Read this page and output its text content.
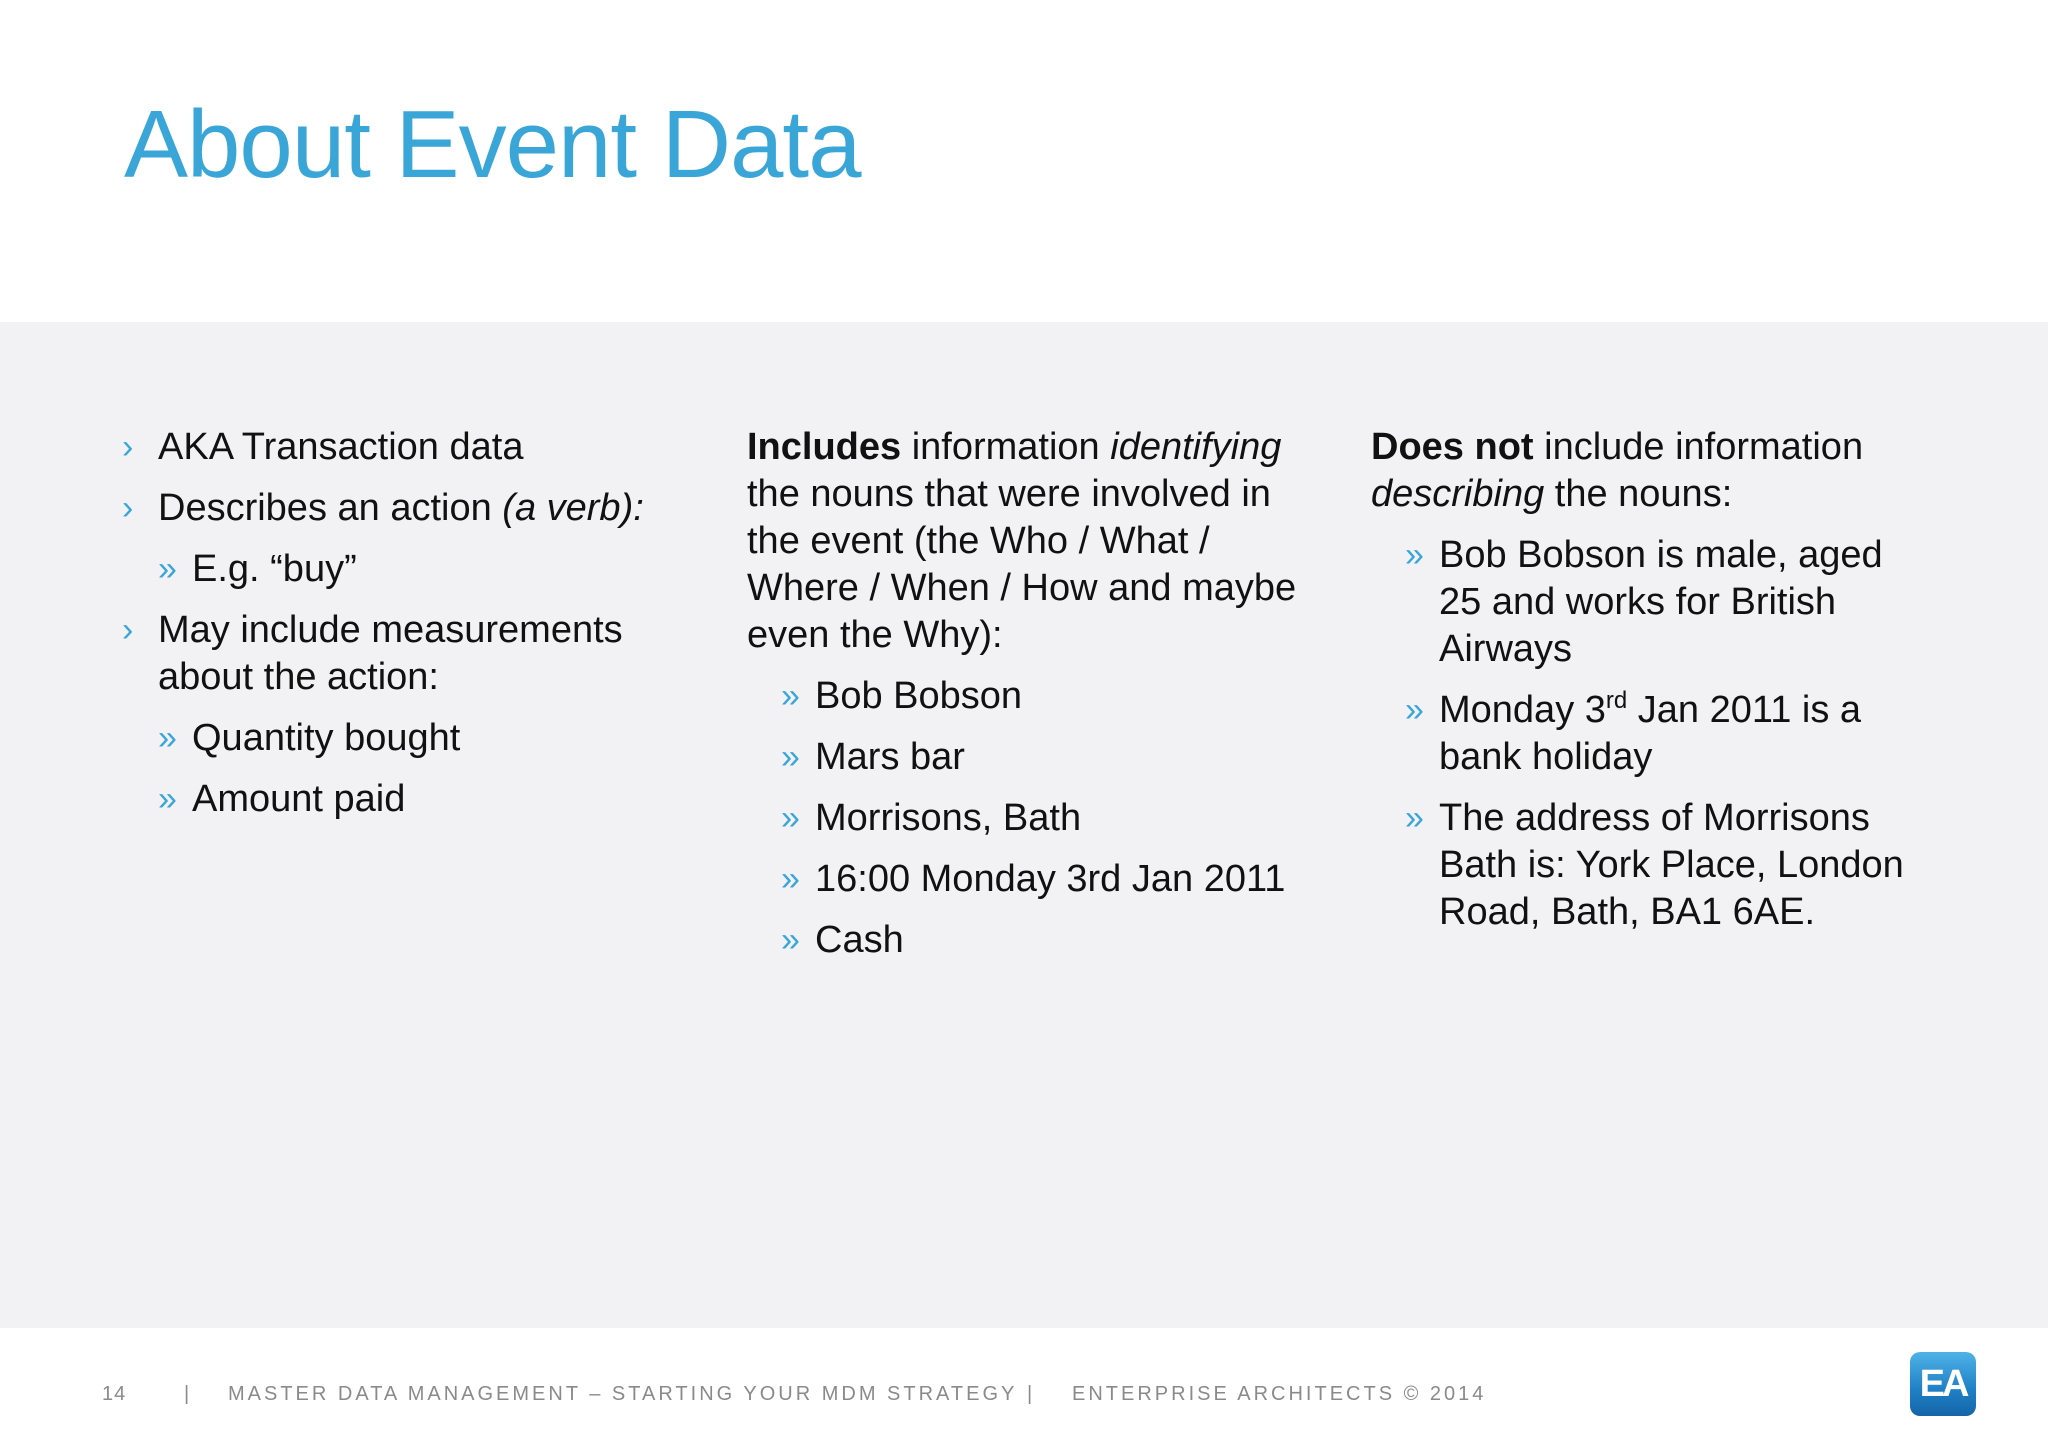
About Event Data
› AKA Transaction data
› Describes an action (a verb):
» E.g. “buy”
› May include measurements about the action:
» Quantity bought
» Amount paid

Includes information identifying the nouns that were involved in the event (the Who / What / Where / When / How and maybe even the Why):

» Bob Bobson
» Mars bar
» Morrisons, Bath
» 16:00 Monday 3rd Jan 2011
» Cash

Does not include information describing the nouns:

» Bob Bobson is male, aged 25 and works for British Airways
» Monday 3rd Jan 2011 is a bank holiday
» The address of Morrisons Bath is: York Place, London Road, Bath, BA1 6AE.
14	| MASTER DATA MANAGEMENT – STARTING YOUR MDM STRATEGY | ENTERPRISE ARCHITECTS © 2014	EA
